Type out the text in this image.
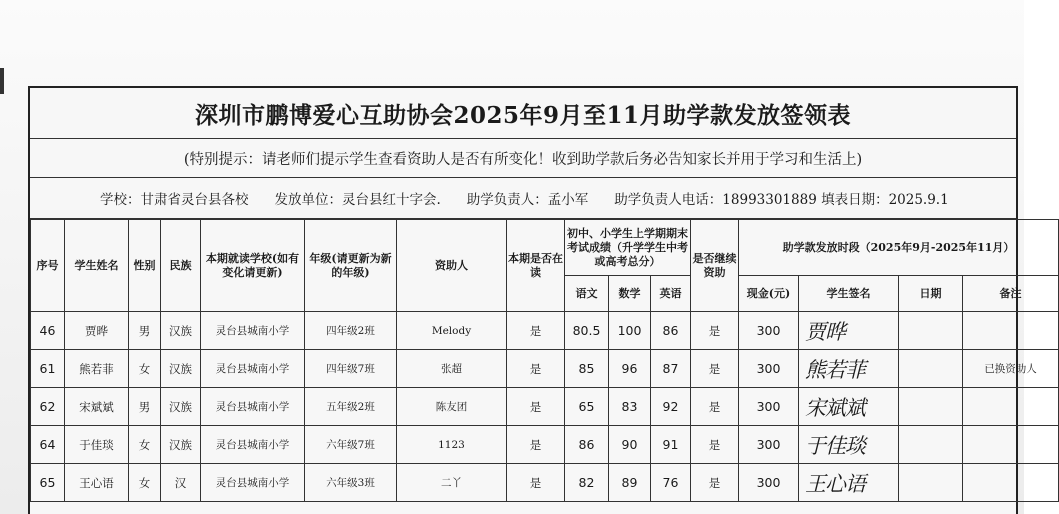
深圳市鹏博爱心互助协会2025年9月至11月助学款发放签领表
(特别提示：请老师们提示学生查看资助人是否有所变化！收到助学款后务必告知家长并用于学习和生活上)
学校：甘肃省灵台县各校 发放单位：灵台县红十字会. 助学负责人：孟小军 助学负责人电话：18993301889 填表日期：2025.9.1
序号	学生姓名	性别	民族	本期就读学校(如有变化请更新)	年级(请更新为新的年级)	资助人	本期是否在读	初中、小学生上学期期末考试成绩（升学学生中考或高考总分）			是否继续资助	助学款发放时段（2025年9月-2025年11月）			
								语文	数学	英语		现金(元)	学生签名	日期	备注
46	贾晔	男	汉族	灵台县城南小学	四年级2班	Melody	是	80.5	100	86	是	300	贾晔		
61	熊若菲	女	汉族	灵台县城南小学	四年级7班	张超	是	85	96	87	是	300	熊若菲		已换资助人
62	宋斌斌	男	汉族	灵台县城南小学	五年级2班	陈友团	是	65	83	92	是	300	宋斌斌		
64	于佳琰	女	汉族	灵台县城南小学	六年级7班	1123	是	86	90	91	是	300	于佳琰		
65	王心语	女	汉	灵台县城南小学	六年级3班	二丫	是	82	89	76	是	300	王心语		
